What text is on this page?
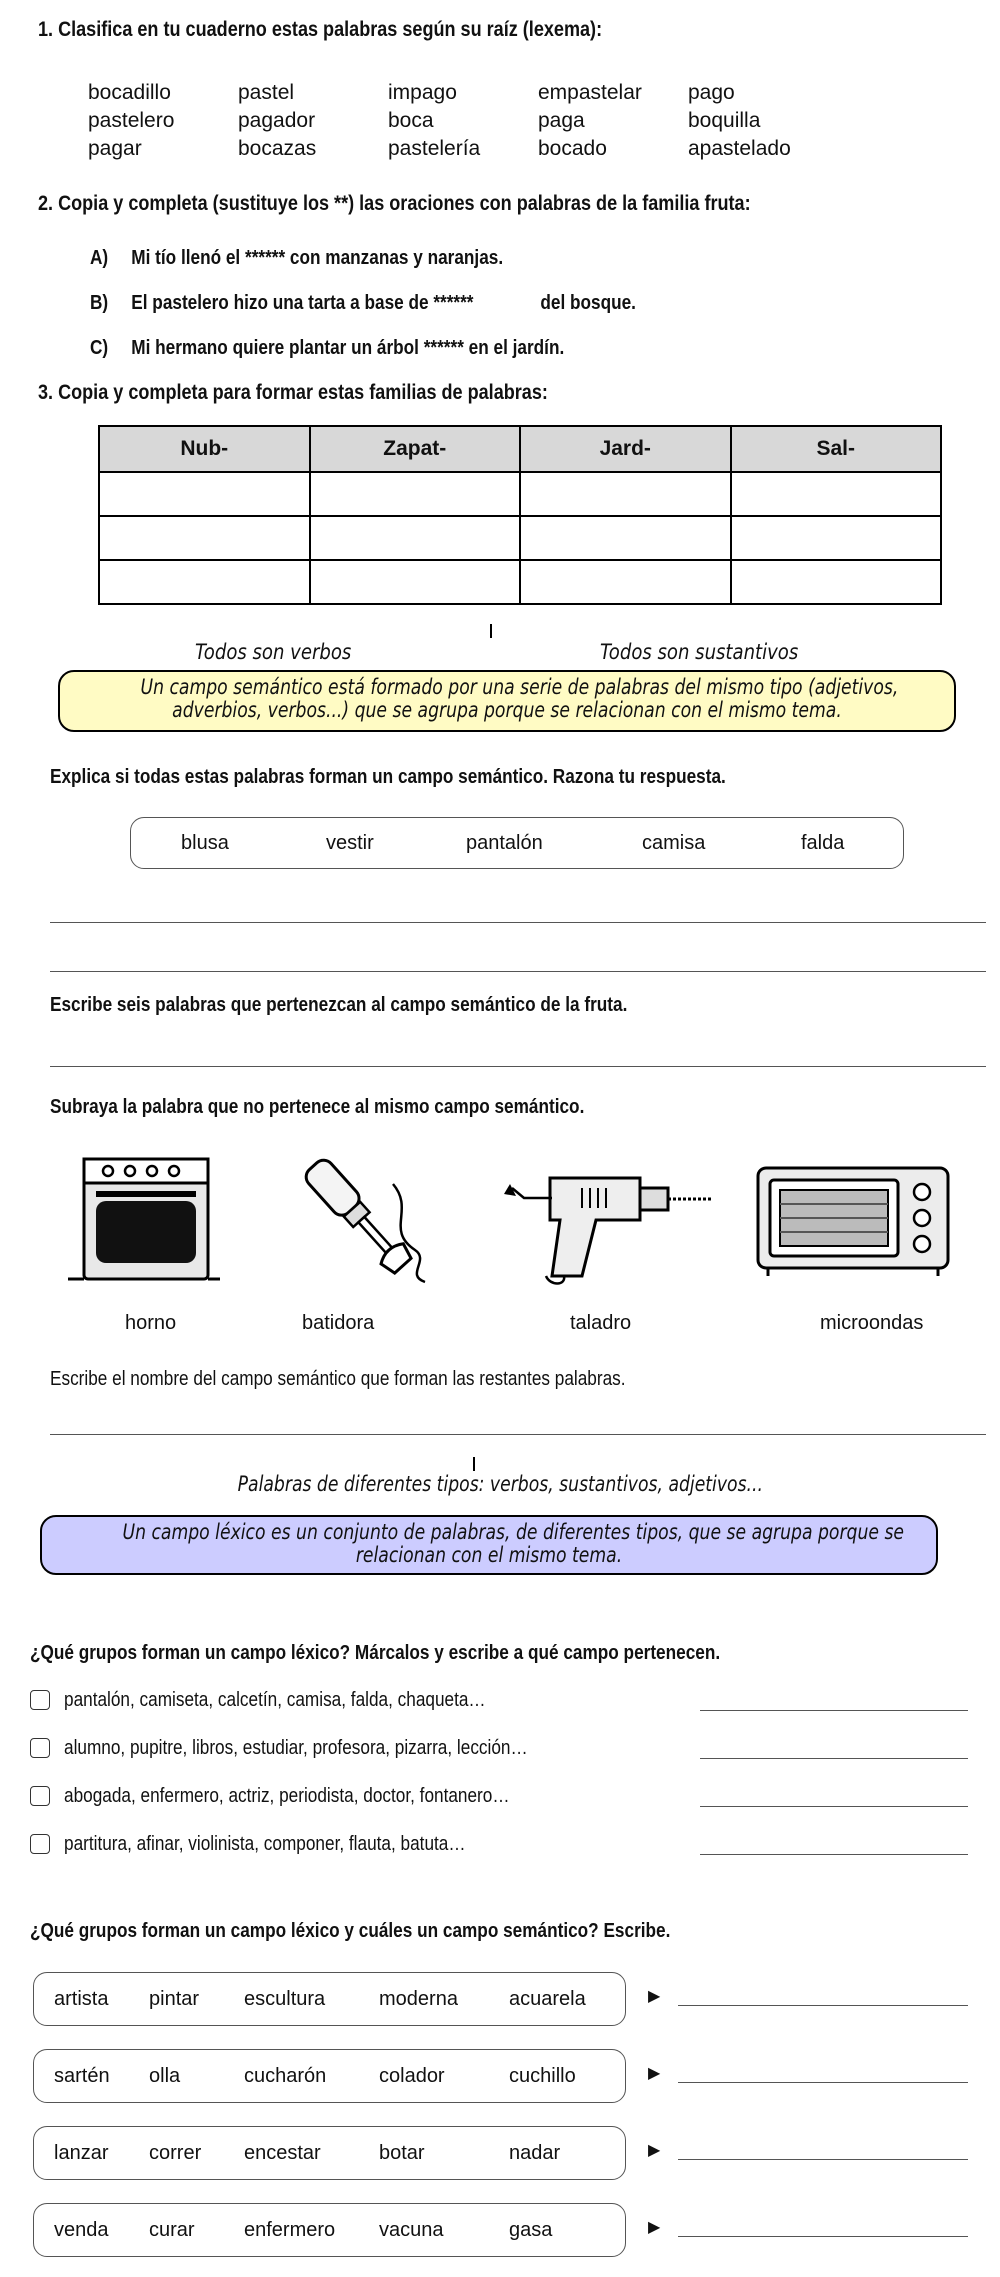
1. Clasifica en tu cuaderno estas palabras según su raíz (lexema):
bocadillo	pastel	impago	empastelar	pago
pastelero	pagador	boca	paga	boquilla
pagar	bocazas	pastelería	bocado	apastelado
2. Copia y completa (sustituye los **) las oraciones con palabras de la familia fruta:
A) Mi tío llenó el ****** con manzanas y naranjas.
B) El pastelero hizo una tarta a base de ******              del bosque.
C) Mi hermano quiere plantar un árbol ****** en el jardín.
3. Copia y completa para formar estas familias de palabras:
Nub-	Zapat-	Jard-	Sal-

Todos son verbos	Todos son sustantivos
Un campo semántico está formado por una serie de palabras del mismo tipo (adjetivos,
adverbios, verbos...) que se agrupa porque se relacionan con el mismo tema.
Explica si todas estas palabras forman un campo semántico. Razona tu respuesta.
blusa	vestir	pantalón	camisa	falda
Escribe seis palabras que pertenezcan al campo semántico de la fruta.
Subraya la palabra que no pertenece al mismo campo semántico.
horno	batidora	taladro	microondas
Escribe el nombre del campo semántico que forman las restantes palabras.
Palabras de diferentes tipos: verbos, sustantivos, adjetivos...
Un campo léxico es un conjunto de palabras, de diferentes tipos, que se agrupa porque se
relacionan con el mismo tema.
¿Qué grupos forman un campo léxico? Márcalos y escribe a qué campo pertenecen.
pantalón, camiseta, calcetín, camisa, falda, chaqueta…
alumno, pupitre, libros, estudiar, profesora, pizarra, lección…
abogada, enfermero, actriz, periodista, doctor, fontanero…
partitura, afinar, violinista, componer, flauta, batuta…
¿Qué grupos forman un campo léxico y cuáles un campo semántico? Escribe.
artista pintar escultura	moderna	acuarela	▶
sartén olla	cucharón	colador	cuchillo	▶
lanzar correr encestar	botar	nadar	▶
venda curar enfermero vacuna	gasa	▶
